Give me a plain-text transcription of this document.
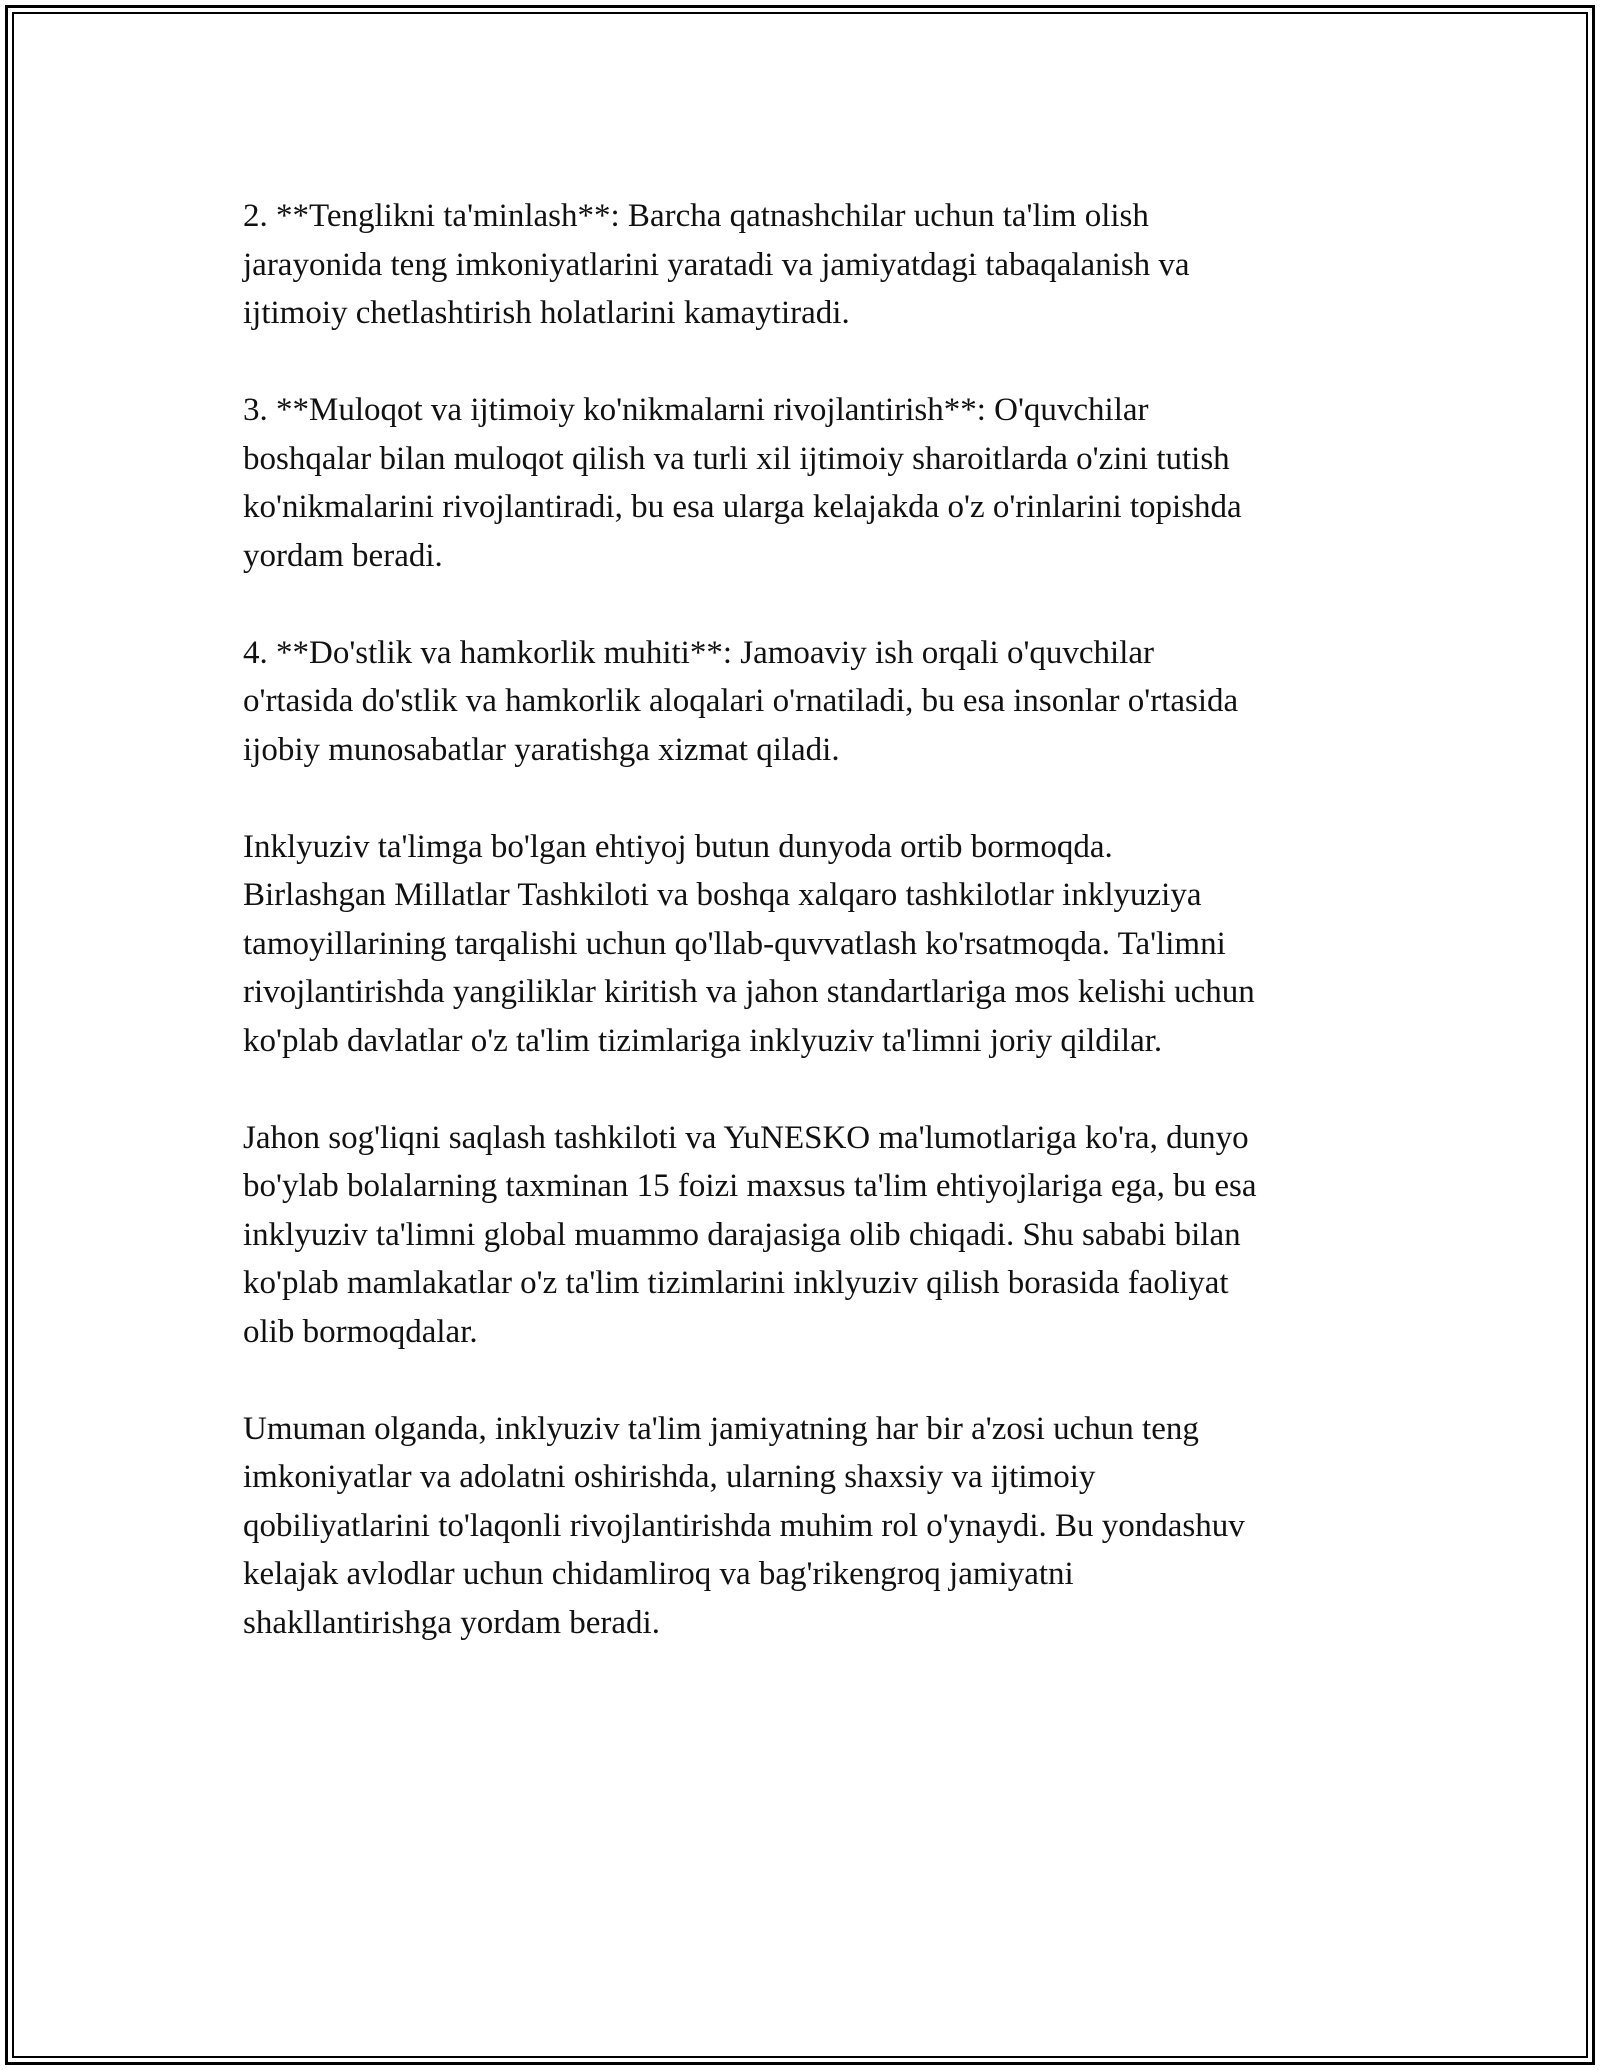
2. **Tenglikni ta'minlash**: Barcha qatnashchilar uchun ta'lim olish
jarayonida teng imkoniyatlarini yaratadi va jamiyatdagi tabaqalanish va
ijtimoiy chetlashtirish holatlarini kamaytiradi.

3. **Muloqot va ijtimoiy ko'nikmalarni rivojlantirish**: O'quvchilar
boshqalar bilan muloqot qilish va turli xil ijtimoiy sharoitlarda o'zini tutish
ko'nikmalarini rivojlantiradi, bu esa ularga kelajakda o'z o'rinlarini topishda
yordam beradi.

4. **Do'stlik va hamkorlik muhiti**: Jamoaviy ish orqali o'quvchilar
o'rtasida do'stlik va hamkorlik aloqalari o'rnatiladi, bu esa insonlar o'rtasida
ijobiy munosabatlar yaratishga xizmat qiladi.

Inklyuziv ta'limga bo'lgan ehtiyoj butun dunyoda ortib bormoqda.
Birlashgan Millatlar Tashkiloti va boshqa xalqaro tashkilotlar inklyuziya
tamoyillarining tarqalishi uchun qo'llab-quvvatlash ko'rsatmoqda. Ta'limni
rivojlantirishda yangiliklar kiritish va jahon standartlariga mos kelishi uchun
ko'plab davlatlar o'z ta'lim tizimlariga inklyuziv ta'limni joriy qildilar.

Jahon sog'liqni saqlash tashkiloti va YuNESKO ma'lumotlariga ko'ra, dunyo
bo'ylab bolalarning taxminan 15 foizi maxsus ta'lim ehtiyojlariga ega, bu esa
inklyuziv ta'limni global muammo darajasiga olib chiqadi. Shu sababi bilan
ko'plab mamlakatlar o'z ta'lim tizimlarini inklyuziv qilish borasida faoliyat
olib bormoqdalar.

Umuman olganda, inklyuziv ta'lim jamiyatning har bir a'zosi uchun teng
imkoniyatlar va adolatni oshirishda, ularning shaxsiy va ijtimoiy
qobiliyatlarini to'laqonli rivojlantirishda muhim rol o'ynaydi. Bu yondashuv
kelajak avlodlar uchun chidamliroq va bag'rikengroq jamiyatni
shakllantirishga yordam beradi.
